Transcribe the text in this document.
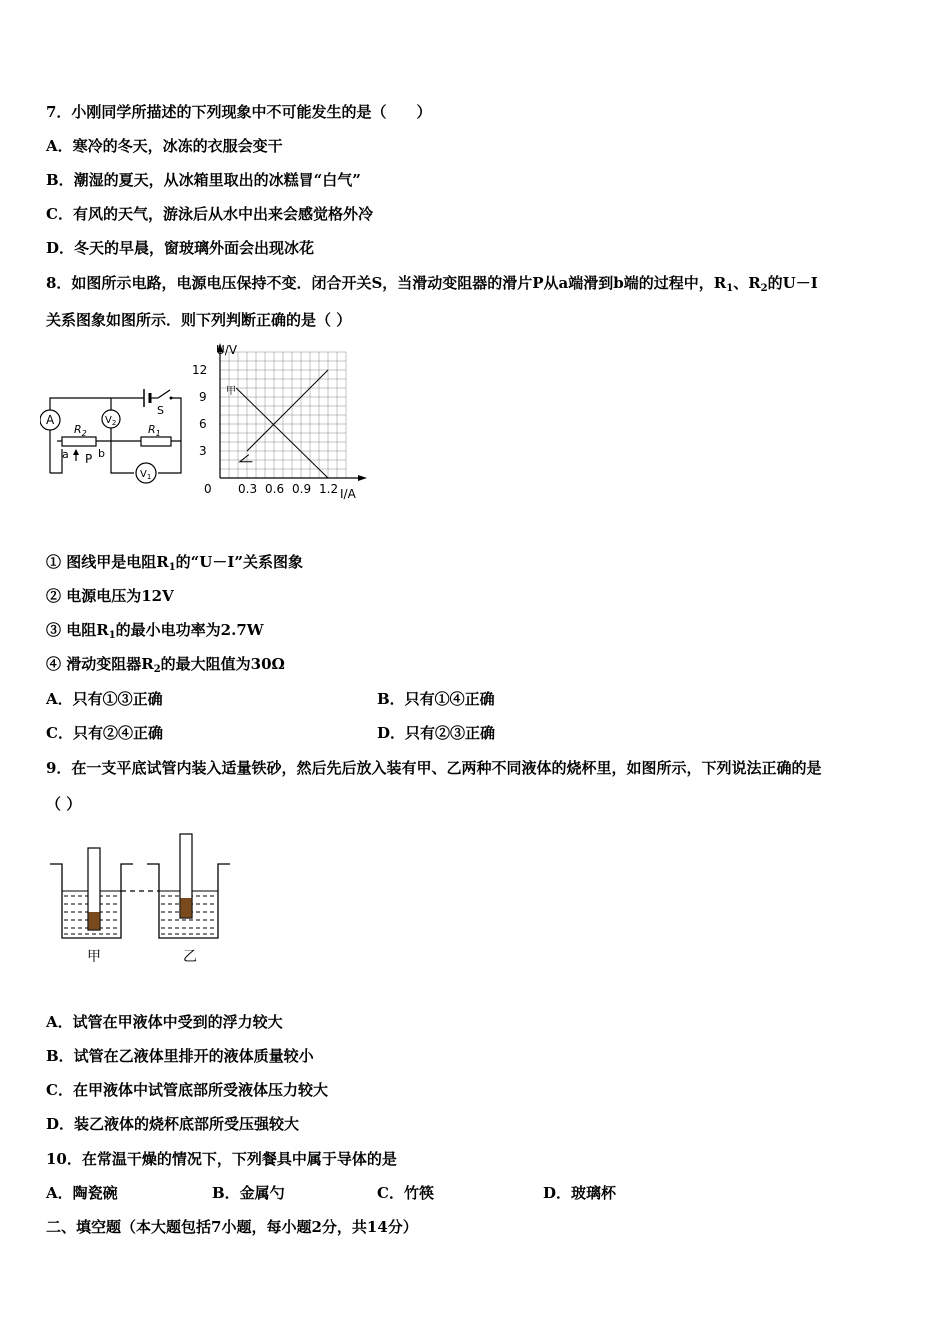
7．小刚同学所描述的下列现象中不可能发生的是（　　）
A．寒冷的冬天，冰冻的衣服会变干
B．潮湿的夏天，从冰箱里取出的冰糕冒“白气”
C．有风的天气，游泳后从水中出来会感觉格外冷
D．冬天的早晨，窗玻璃外面会出现冰花
8．如图所示电路，电源电压保持不变．闭合开关S，当滑动变阻器的滑片P从a端滑到b端的过程中，$R_1$、$R_2$的U－I
关系图象如图所示．则下列判断正确的是（ ）
A	$V_2$
$V_1$
$R_2$	$R_1$
a P b
S
3
6
9
12
0.3 0.6 0.9 1.2
U/V
I/A
0
甲
① 图线甲是电阻$R_1$的“U－I”关系图象
② 电源电压为12V
③ 电阻$R_1$的最小电功率为2.7W
④ 滑动变阻器$R_2$的最大阻值为30Ω
A．只有①③正确	B．只有①④正确
C．只有②④正确	D．只有②③正确
9．在一支平底试管内装入适量铁砂，然后先后放入装有甲、乙两种不同液体的烧杯里，如图所示，下列说法正确的是
（ ）
甲	乙
A．试管在甲液体中受到的浮力较大
B．试管在乙液体里排开的液体质量较小
C．在甲液体中试管底部所受液体压力较大
D．装乙液体的烧杯底部所受压强较大
10．在常温干燥的情况下，下列餐具中属于导体的是
A．陶瓷碗	B．金属勺	C．竹筷	D．玻璃杯
二、填空题（本大题包括7小题，每小题2分，共14分）
